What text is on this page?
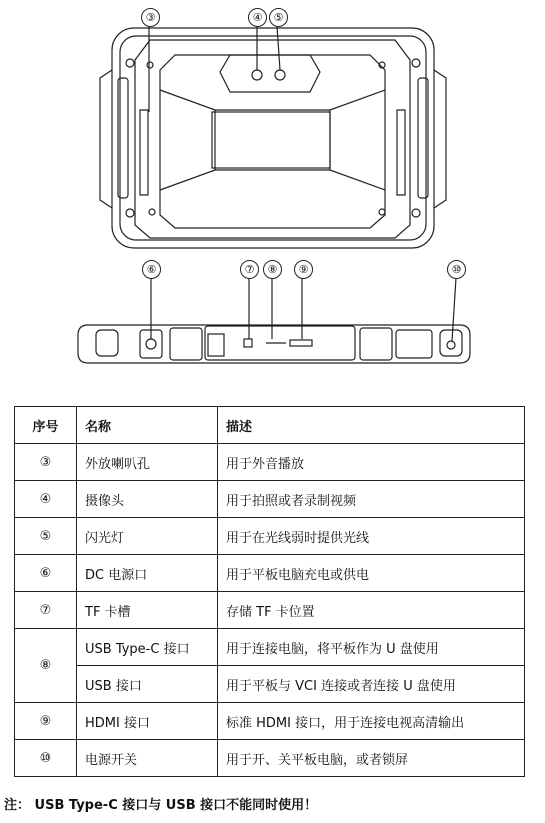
③	④	⑤
⑥	⑦	⑧	⑨	⑩
序号	名称	描述
③	外放喇叭孔	用于外音播放
④	摄像头	用于拍照或者录制视频
⑤	闪光灯	用于在光线弱时提供光线
⑥	DC 电源口	用于平板电脑充电或供电
⑦	TF 卡槽	存储 TF 卡位置
⑧	USB Type-C 接口	用于连接电脑，将平板作为 U 盘使用
	USB 接口	用于平板与 VCI 连接或者连接 U 盘使用
⑨	HDMI 接口	标准 HDMI 接口，用于连接电视高清输出
⑩	电源开关	用于开、关平板电脑，或者锁屏
注： USB Type-C 接口与 USB 接口不能同时使用！
